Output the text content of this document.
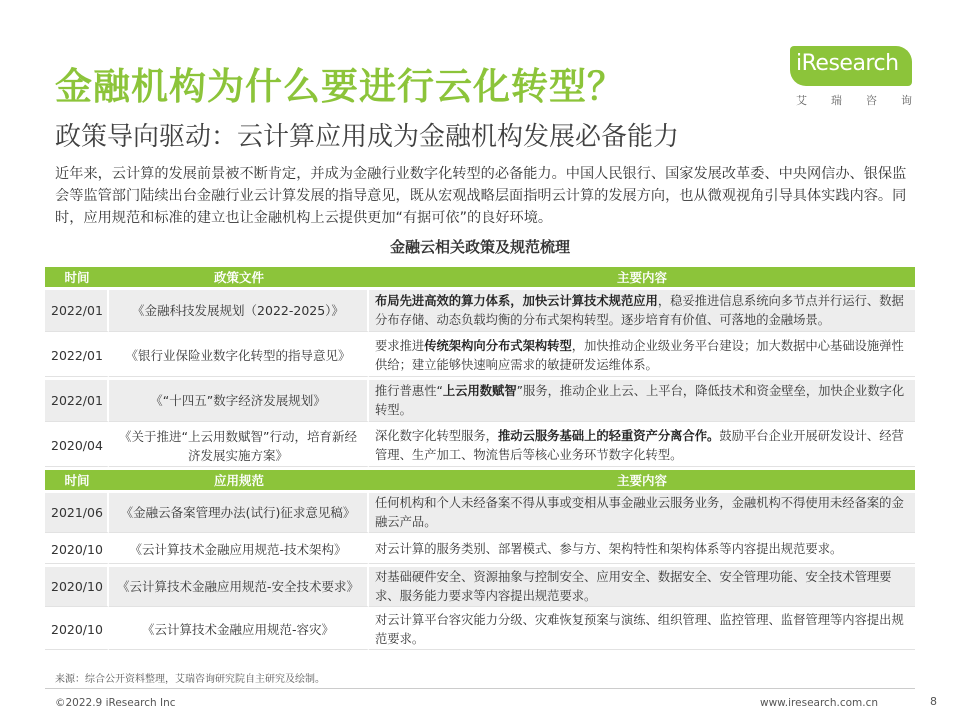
金融机构为什么要进行云化转型？
政策导向驱动：云计算应用成为金融机构发展必备能力
iResearch
艾 瑞 咨 询
近年来，云计算的发展前景被不断肯定，并成为金融行业数字化转型的必备能力。中国人民银行、国家发展改革委、中央网信办、银保监会等监管部门陆续出台金融行业云计算发展的指导意见，既从宏观战略层面指明云计算的发展方向，也从微观视角引导具体实践内容。同时，应用规范和标准的建立也让金融机构上云提供更加“有据可依”的良好环境。
金融云相关政策及规范梳理
时间	政策文件	主要内容
2022/01	《金融科技发展规划（2022-2025）》	布局先进高效的算力体系，加快云计算技术规范应用，稳妥推进信息系统向多节点并行运行、数据分布存储、动态负载均衡的分布式架构转型。逐步培育有价值、可落地的金融场景。
2022/01	《银行业保险业数字化转型的指导意见》	要求推进传统架构向分布式架构转型，加快推动企业级业务平台建设；加大数据中心基础设施弹性供给；建立能够快速响应需求的敏捷研发运维体系。
2022/01	《“十四五”数字经济发展规划》	推行普惠性“上云用数赋智”服务，推动企业上云、上平台，降低技术和资金壁垒，加快企业数字化转型。
2020/04	《关于推进“上云用数赋智”行动，培育新经济发展实施方案》	深化数字化转型服务，推动云服务基础上的轻重资产分离合作。鼓励平台企业开展研发设计、经营管理、生产加工、物流售后等核心业务环节数字化转型。
时间	应用规范	主要内容
2021/06	《金融云备案管理办法(试行)征求意见稿》	任何机构和个人未经备案不得从事或变相从事金融业云服务业务，金融机构不得使用未经备案的金融云产品。
2020/10	《云计算技术金融应用规范-技术架构》	对云计算的服务类别、部署模式、参与方、架构特性和架构体系等内容提出规范要求。
2020/10	《云计算技术金融应用规范-安全技术要求》	对基础硬件安全、资源抽象与控制安全、应用安全、数据安全、安全管理功能、安全技术管理要求、服务能力要求等内容提出规范要求。
2020/10	《云计算技术金融应用规范-容灾》	对云计算平台容灾能力分级、灾难恢复预案与演练、组织管理、监控管理、监督管理等内容提出规范要求。
来源：综合公开资料整理，艾瑞咨询研究院自主研究及绘制。
©2022.9 iResearch Inc	www.iresearch.com.cn	8
